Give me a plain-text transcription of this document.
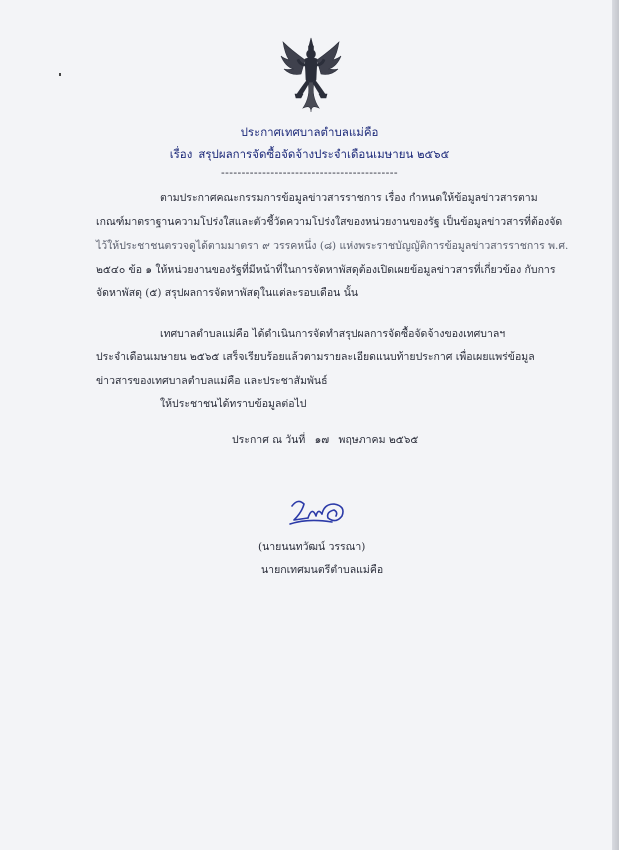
ประกาศเทศบาลตำบลแม่คือ
เรื่อง สรุปผลการจัดซื้อจัดจ้างประจำเดือนเมษายน ๒๕๖๕
-------------------------------------------
ตามประกาศคณะกรรมการข้อมูลข่าวสารราชการ เรื่อง กำหนดให้ข้อมูลข่าวสารตาม
เกณฑ์มาตราฐานความโปร่งใสและตัวชี้วัดความโปร่งใสของหน่วยงานของรัฐ เป็นข้อมูลข่าวสารที่ต้องจัด
ไว้ให้ประชาชนตรวจดูได้ตามมาตรา ๙ วรรคหนึ่ง (๘) แห่งพระราชบัญญัติการข้อมูลข่าวสารราชการ พ.ศ.
๒๕๔๐ ข้อ ๑ ให้หน่วยงานของรัฐที่มีหน้าที่ในการจัดหาพัสดุต้องเปิดเผยข้อมูลข่าวสารที่เกี่ยวข้อง กับการ
จัดหาพัสดุ (๕) สรุปผลการจัดหาพัสดุในแต่ละรอบเดือน นั้น
เทศบาลตำบลแม่คือ ได้ดำเนินการจัดทำสรุปผลการจัดซื้อจัดจ้างของเทศบาลฯ
ประจำเดือนเมษายน ๒๕๖๕ เสร็จเรียบร้อยแล้วตามรายละเอียดแนบท้ายประกาศ เพื่อเผยแพร่ข้อมูล
ข่าวสารของเทศบาลตำบลแม่คือ และประชาสัมพันธ์
ให้ประชาชนได้ทราบข้อมูลต่อไป
ประกาศ ณ วันที่ ๑๗ พฤษภาคม ๒๕๖๕
(นายนนทวัฒน์ วรรณา)
นายกเทศมนตรีตำบลแม่คือ
